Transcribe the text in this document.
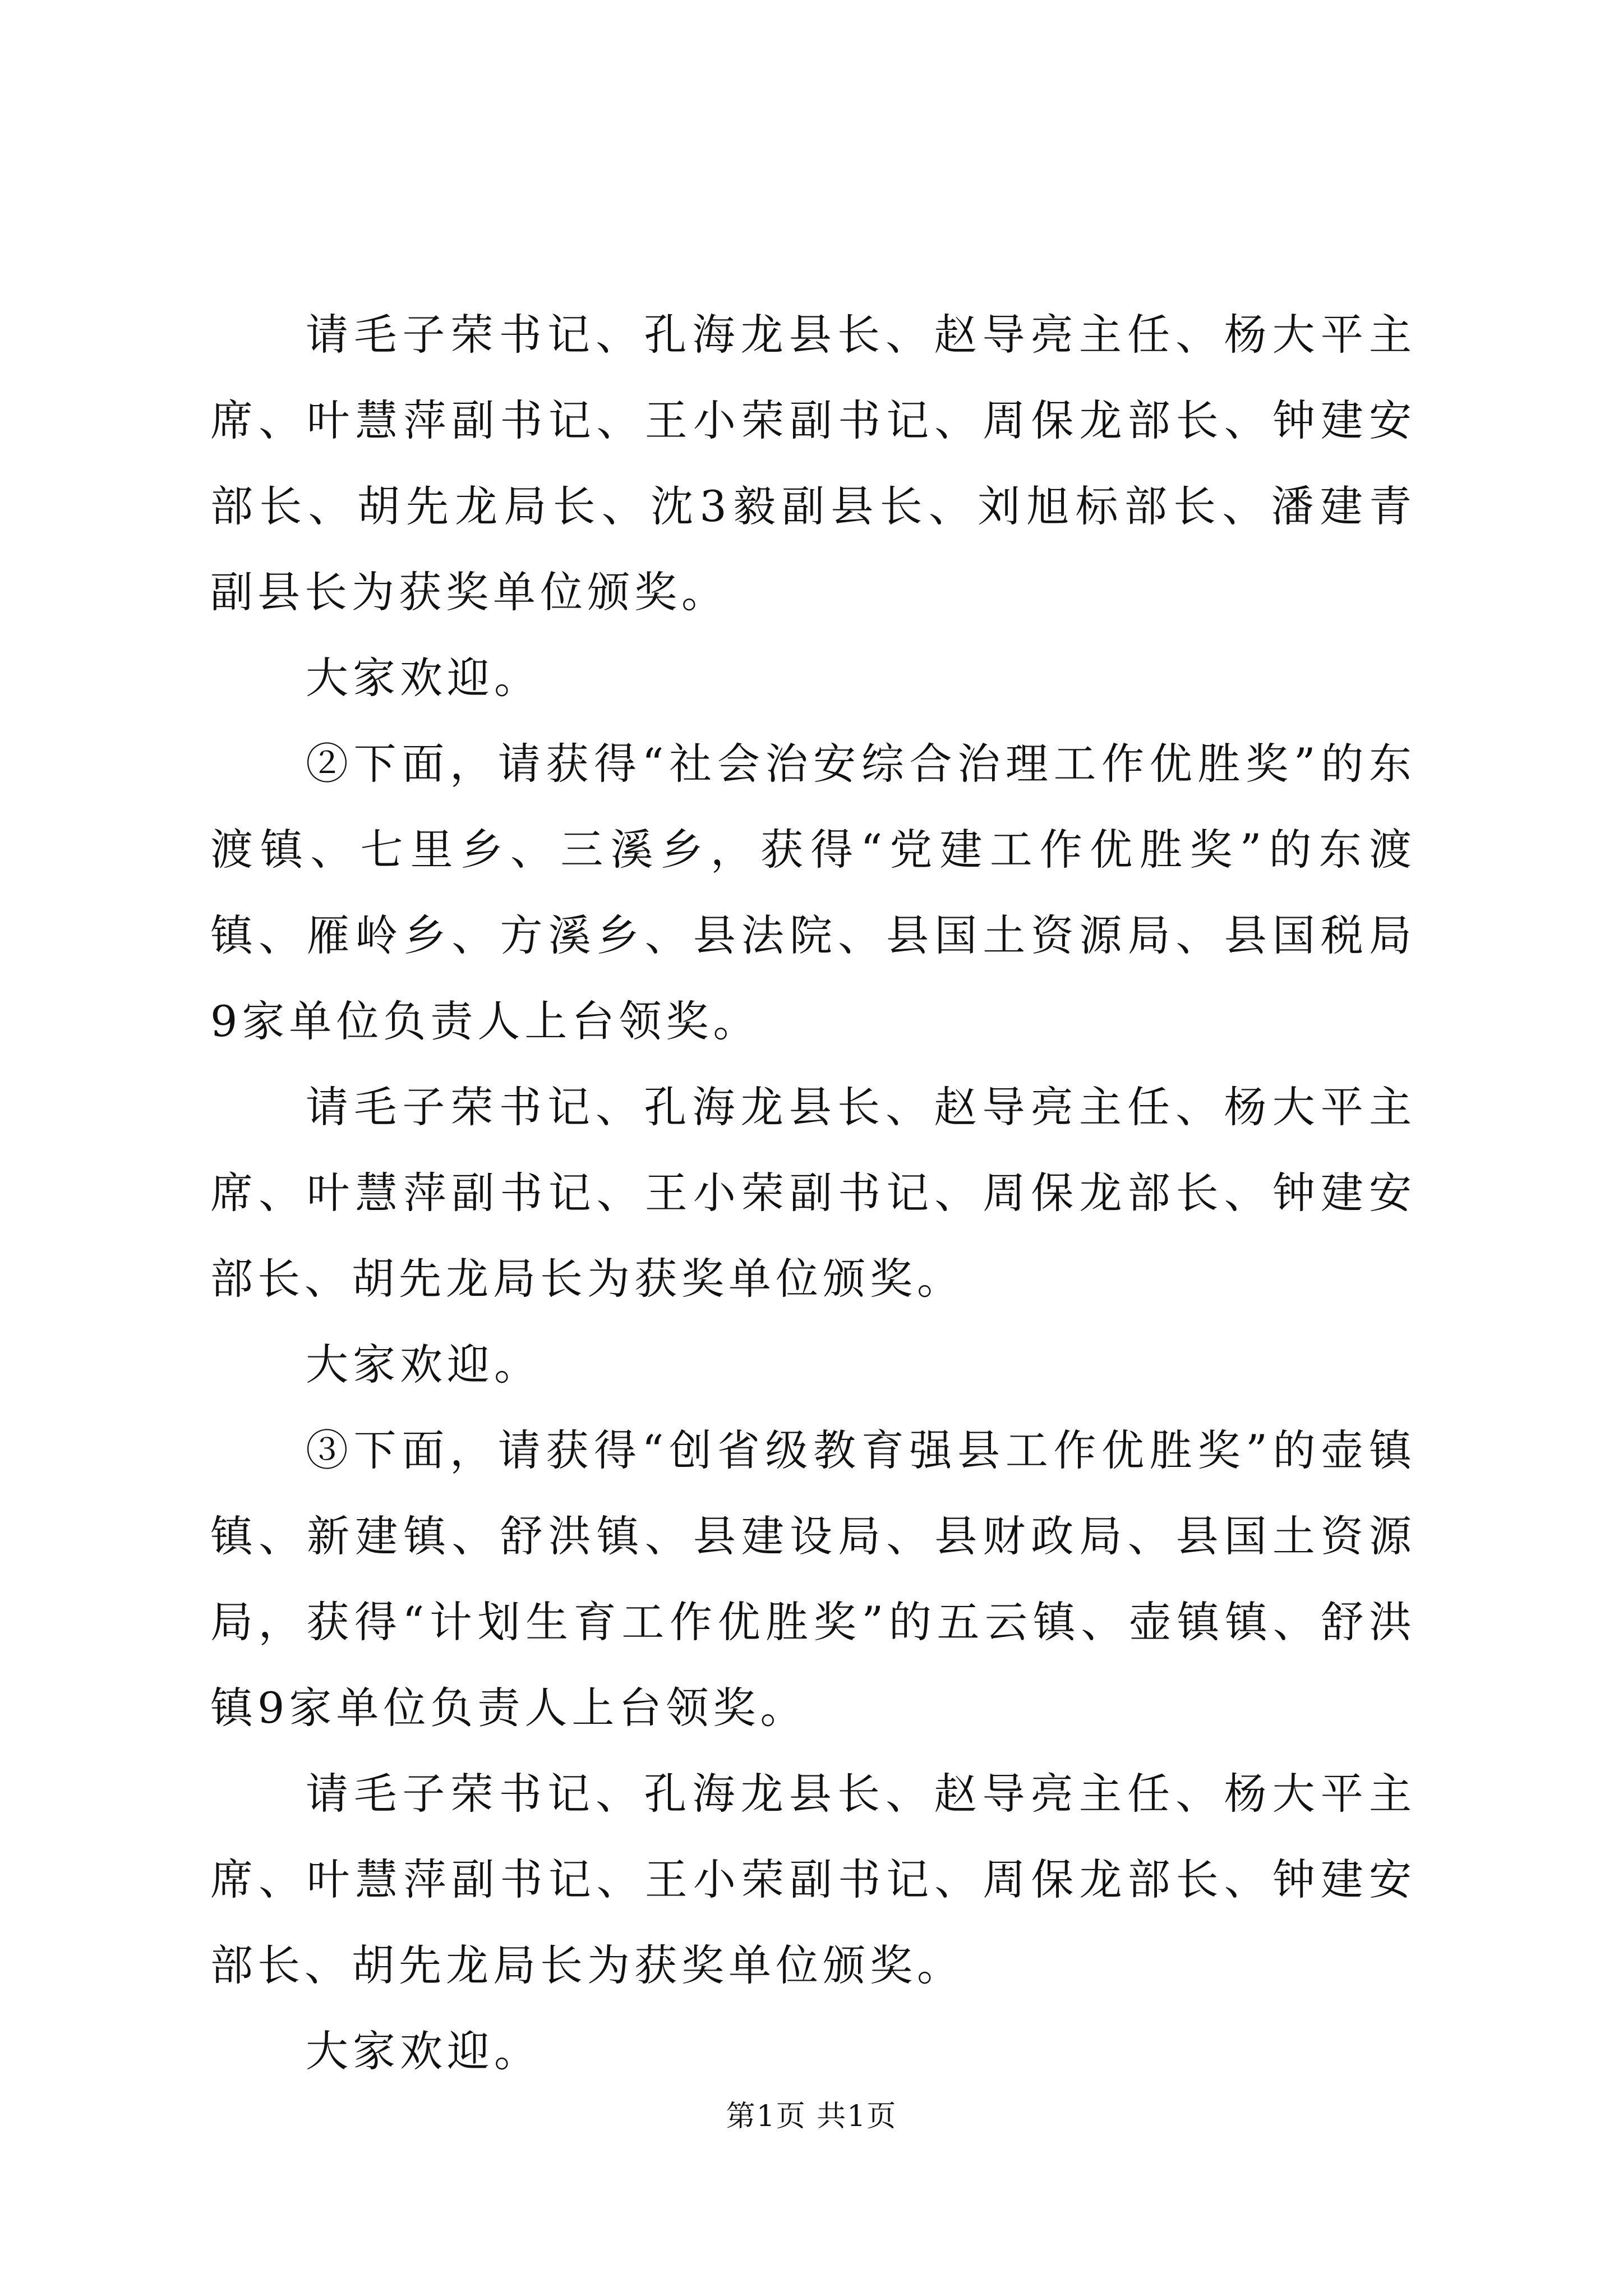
请毛子荣书记、孔海龙县长、赵导亮主任、杨大平主席、叶慧萍副书记、王小荣副书记、周保龙部长、钟建安部长、胡先龙局长、沈3毅副县长、刘旭标部长、潘建青副县长为获奖单位颁奖。

大家欢迎。

②下面，请获得“社会治安综合治理工作优胜奖”的东渡镇、七里乡、三溪乡，获得“党建工作优胜奖”的东渡镇、雁岭乡、方溪乡、县法院、县国土资源局、县国税局9家单位负责人上台领奖。

请毛子荣书记、孔海龙县长、赵导亮主任、杨大平主席、叶慧萍副书记、王小荣副书记、周保龙部长、钟建安部长、胡先龙局长为获奖单位颁奖。

大家欢迎。

③下面，请获得“创省级教育强县工作优胜奖”的壶镇镇、新建镇、舒洪镇、县建设局、县财政局、县国土资源局，获得“计划生育工作优胜奖”的五云镇、壶镇镇、舒洪镇9家单位负责人上台领奖。

请毛子荣书记、孔海龙县长、赵导亮主任、杨大平主席、叶慧萍副书记、王小荣副书记、周保龙部长、钟建安部长、胡先龙局长为获奖单位颁奖。

大家欢迎。

第1页 共1页
